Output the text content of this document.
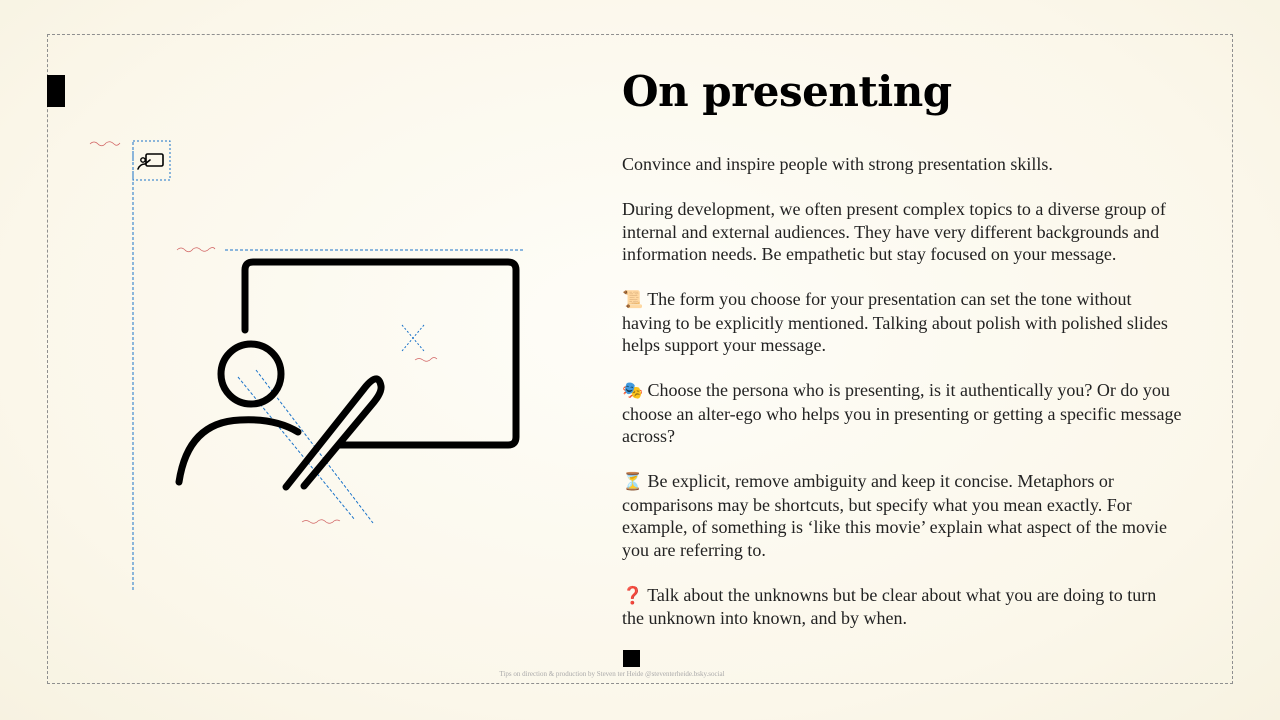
On presenting

Convince and inspire people with strong presentation skills.

During development, we often present complex topics to a diverse group of internal and external audiences. They have very different backgrounds and information needs. Be empathetic but stay focused on your message.

📜 The form you choose for your presentation can set the tone without having to be explicitly mentioned. Talking about polish with polished slides helps support your message.

🎭 Choose the persona who is presenting, is it authentically you? Or do you choose an alter-ego who helps you in presenting or getting a specific message across?

⏳ Be explicit, remove ambiguity and keep it concise. Metaphors or comparisons may be shortcuts, but specify what you mean exactly. For example, of something is ‘like this movie’ explain what aspect of the movie you are referring to.

❓ Talk about the unknowns but be clear about what you are doing to turn the unknown into known, and by when.

Tips on direction & production by Steven ter Heide @steventerheide.bsky.social
